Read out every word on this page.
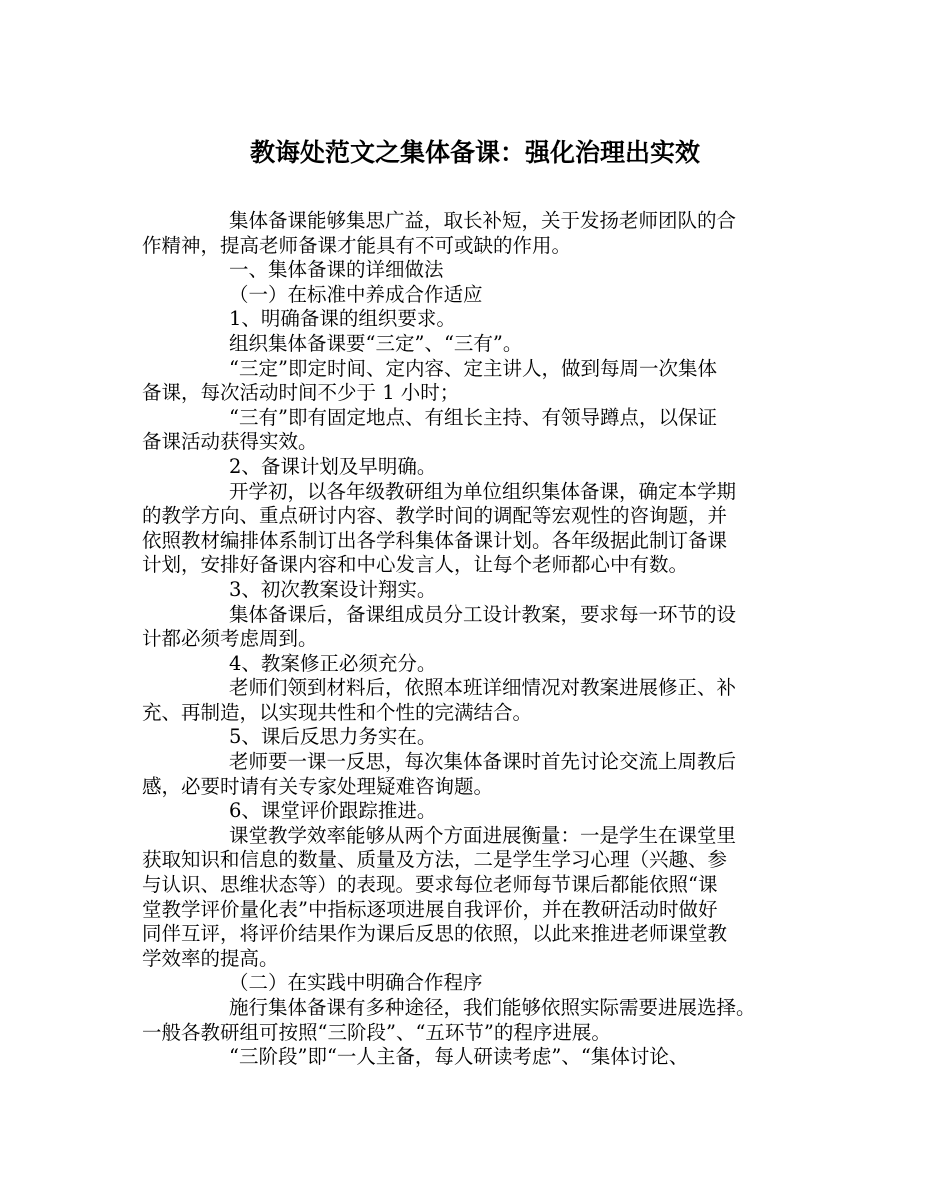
教诲处范文之集体备课：强化治理出实效
集体备课能够集思广益，取长补短，关于发扬老师团队的合
作精神，提高老师备课才能具有不可或缺的作用。
一、集体备课的详细做法
（一）在标准中养成合作适应
1、明确备课的组织要求。
组织集体备课要“三定”、“三有”。
“三定”即定时间、定内容、定主讲人，做到每周一次集体
备课，每次活动时间不少于 1 小时；
“三有”即有固定地点、有组长主持、有领导蹲点，以保证
备课活动获得实效。
2、备课计划及早明确。
开学初，以各年级教研组为单位组织集体备课，确定本学期
的教学方向、重点研讨内容、教学时间的调配等宏观性的咨询题，并
依照教材编排体系制订出各学科集体备课计划。各年级据此制订备课
计划，安排好备课内容和中心发言人，让每个老师都心中有数。
3、初次教案设计翔实。
集体备课后，备课组成员分工设计教案，要求每一环节的设
计都必须考虑周到。
4、教案修正必须充分。
老师们领到材料后，依照本班详细情况对教案进展修正、补
充、再制造，以实现共性和个性的完满结合。
5、课后反思力务实在。
老师要一课一反思，每次集体备课时首先讨论交流上周教后
感，必要时请有关专家处理疑难咨询题。
6、课堂评价跟踪推进。
课堂教学效率能够从两个方面进展衡量：一是学生在课堂里
获取知识和信息的数量、质量及方法，二是学生学习心理（兴趣、参
与认识、思维状态等）的表现。要求每位老师每节课后都能依照“课
堂教学评价量化表”中指标逐项进展自我评价，并在教研活动时做好
同伴互评，将评价结果作为课后反思的依照，以此来推进老师课堂教
学效率的提高。
（二）在实践中明确合作程序
施行集体备课有多种途径，我们能够依照实际需要进展选择。
一般各教研组可按照“三阶段”、“五环节”的程序进展。
“三阶段”即“一人主备，每人研读考虑”、“集体讨论、
